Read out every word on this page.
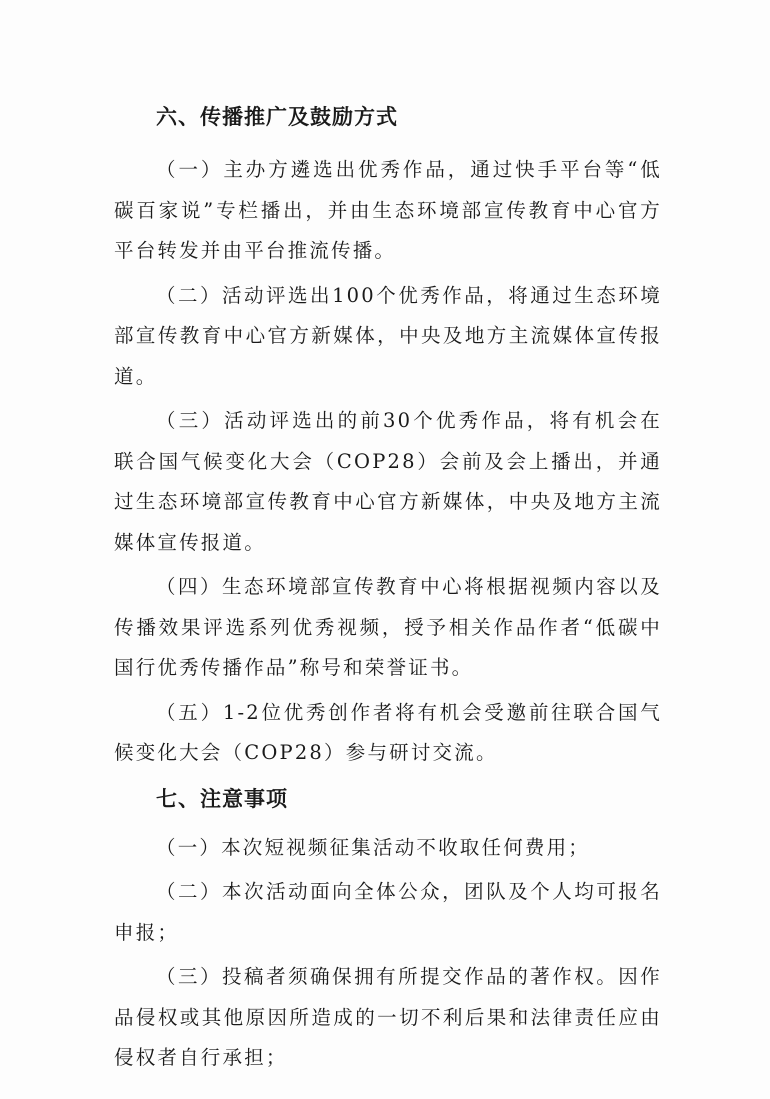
六、传播推广及鼓励方式

（一）主办方遴选出优秀作品，通过快手平台等“低碳百家说”专栏播出，并由生态环境部宣传教育中心官方平台转发并由平台推流传播。

（二）活动评选出100个优秀作品，将通过生态环境部宣传教育中心官方新媒体，中央及地方主流媒体宣传报道。

（三）活动评选出的前30个优秀作品，将有机会在联合国气候变化大会（COP28）会前及会上播出，并通过生态环境部宣传教育中心官方新媒体，中央及地方主流媒体宣传报道。

（四）生态环境部宣传教育中心将根据视频内容以及传播效果评选系列优秀视频，授予相关作品作者“低碳中国行优秀传播作品”称号和荣誉证书。

（五）1-2位优秀创作者将有机会受邀前往联合国气候变化大会（COP28）参与研讨交流。

七、注意事项

（一）本次短视频征集活动不收取任何费用；

（二）本次活动面向全体公众，团队及个人均可报名申报；

（三）投稿者须确保拥有所提交作品的著作权。因作品侵权或其他原因所造成的一切不利后果和法律责任应由侵权者自行承担；
